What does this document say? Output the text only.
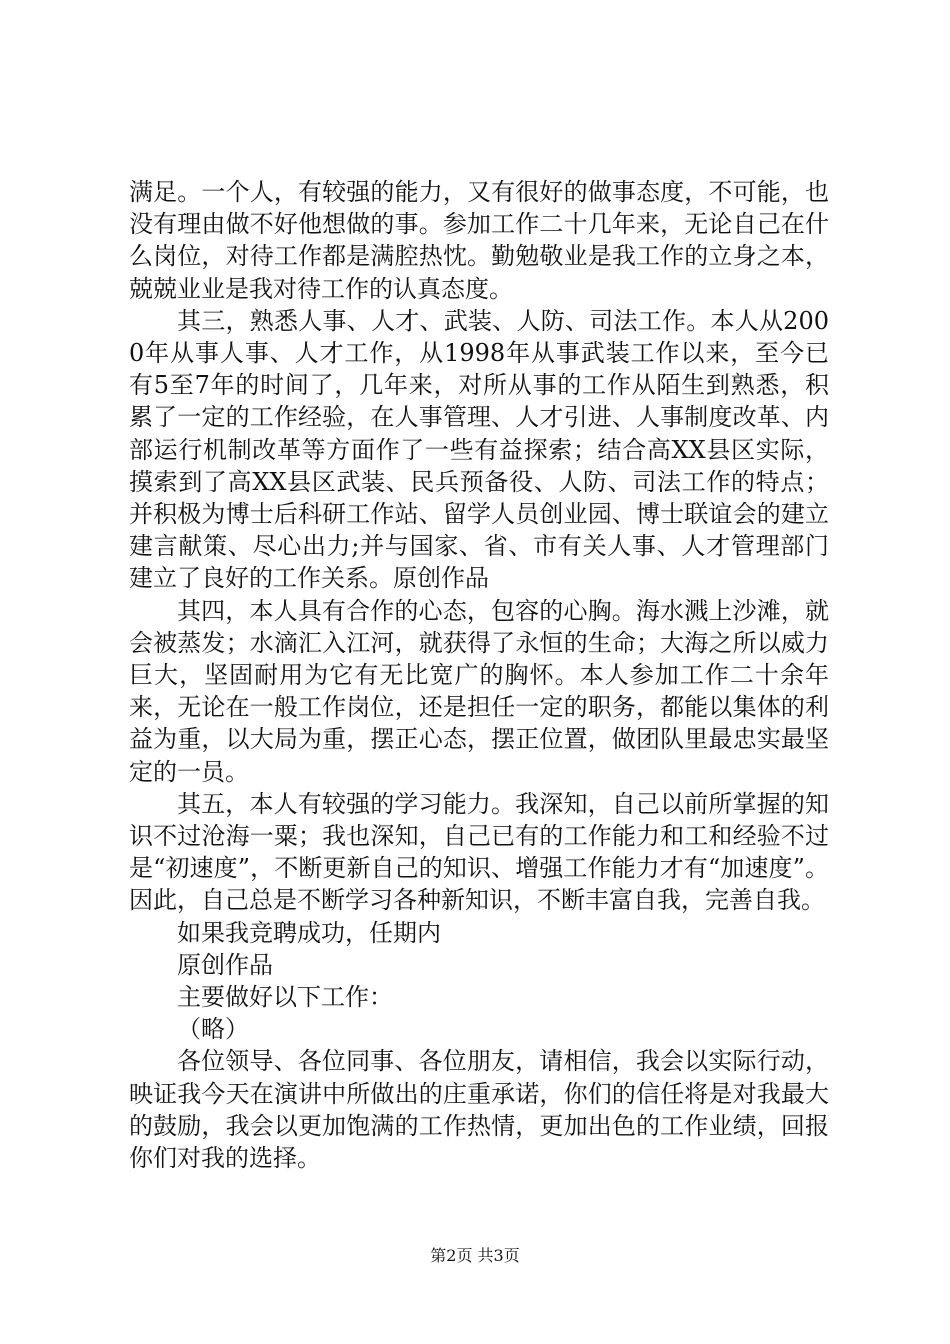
满足。一个人，有较强的能力，又有很好的做事态度，不可能，也没有理由做不好他想做的事。参加工作二十几年来，无论自己在什么岗位，对待工作都是满腔热忱。勤勉敬业是我工作的立身之本，兢兢业业是我对待工作的认真态度。

其三，熟悉人事、人才、武装、人防、司法工作。本人从2000年从事人事、人才工作，从1998年从事武装工作以来，至今已有5至7年的时间了，几年来，对所从事的工作从陌生到熟悉，积累了一定的工作经验，在人事管理、人才引进、人事制度改革、内部运行机制改革等方面作了一些有益探索；结合高XX县区实际，摸索到了高XX县区武装、民兵预备役、人防、司法工作的特点；并积极为博士后科研工作站、留学人员创业园、博士联谊会的建立建言献策、尽心出力;并与国家、省、市有关人事、人才管理部门建立了良好的工作关系。原创作品

其四，本人具有合作的心态，包容的心胸。海水溅上沙滩，就会被蒸发；水滴汇入江河，就获得了永恒的生命；大海之所以威力巨大，坚固耐用为它有无比宽广的胸怀。本人参加工作二十余年来，无论在一般工作岗位，还是担任一定的职务，都能以集体的利益为重，以大局为重，摆正心态，摆正位置，做团队里最忠实最坚定的一员。

其五，本人有较强的学习能力。我深知，自己以前所掌握的知识不过沧海一粟；我也深知，自己已有的工作能力和工和经验不过是“初速度”，不断更新自己的知识、增强工作能力才有“加速度”。因此，自己总是不断学习各种新知识，不断丰富自我，完善自我。

如果我竞聘成功，任期内

原创作品

主要做好以下工作：

（略）

各位领导、各位同事、各位朋友，请相信，我会以实际行动，映证我今天在演讲中所做出的庄重承诺，你们的信任将是对我最大的鼓励，我会以更加饱满的工作热情，更加出色的工作业绩，回报你们对我的选择。

第2页 共3页
